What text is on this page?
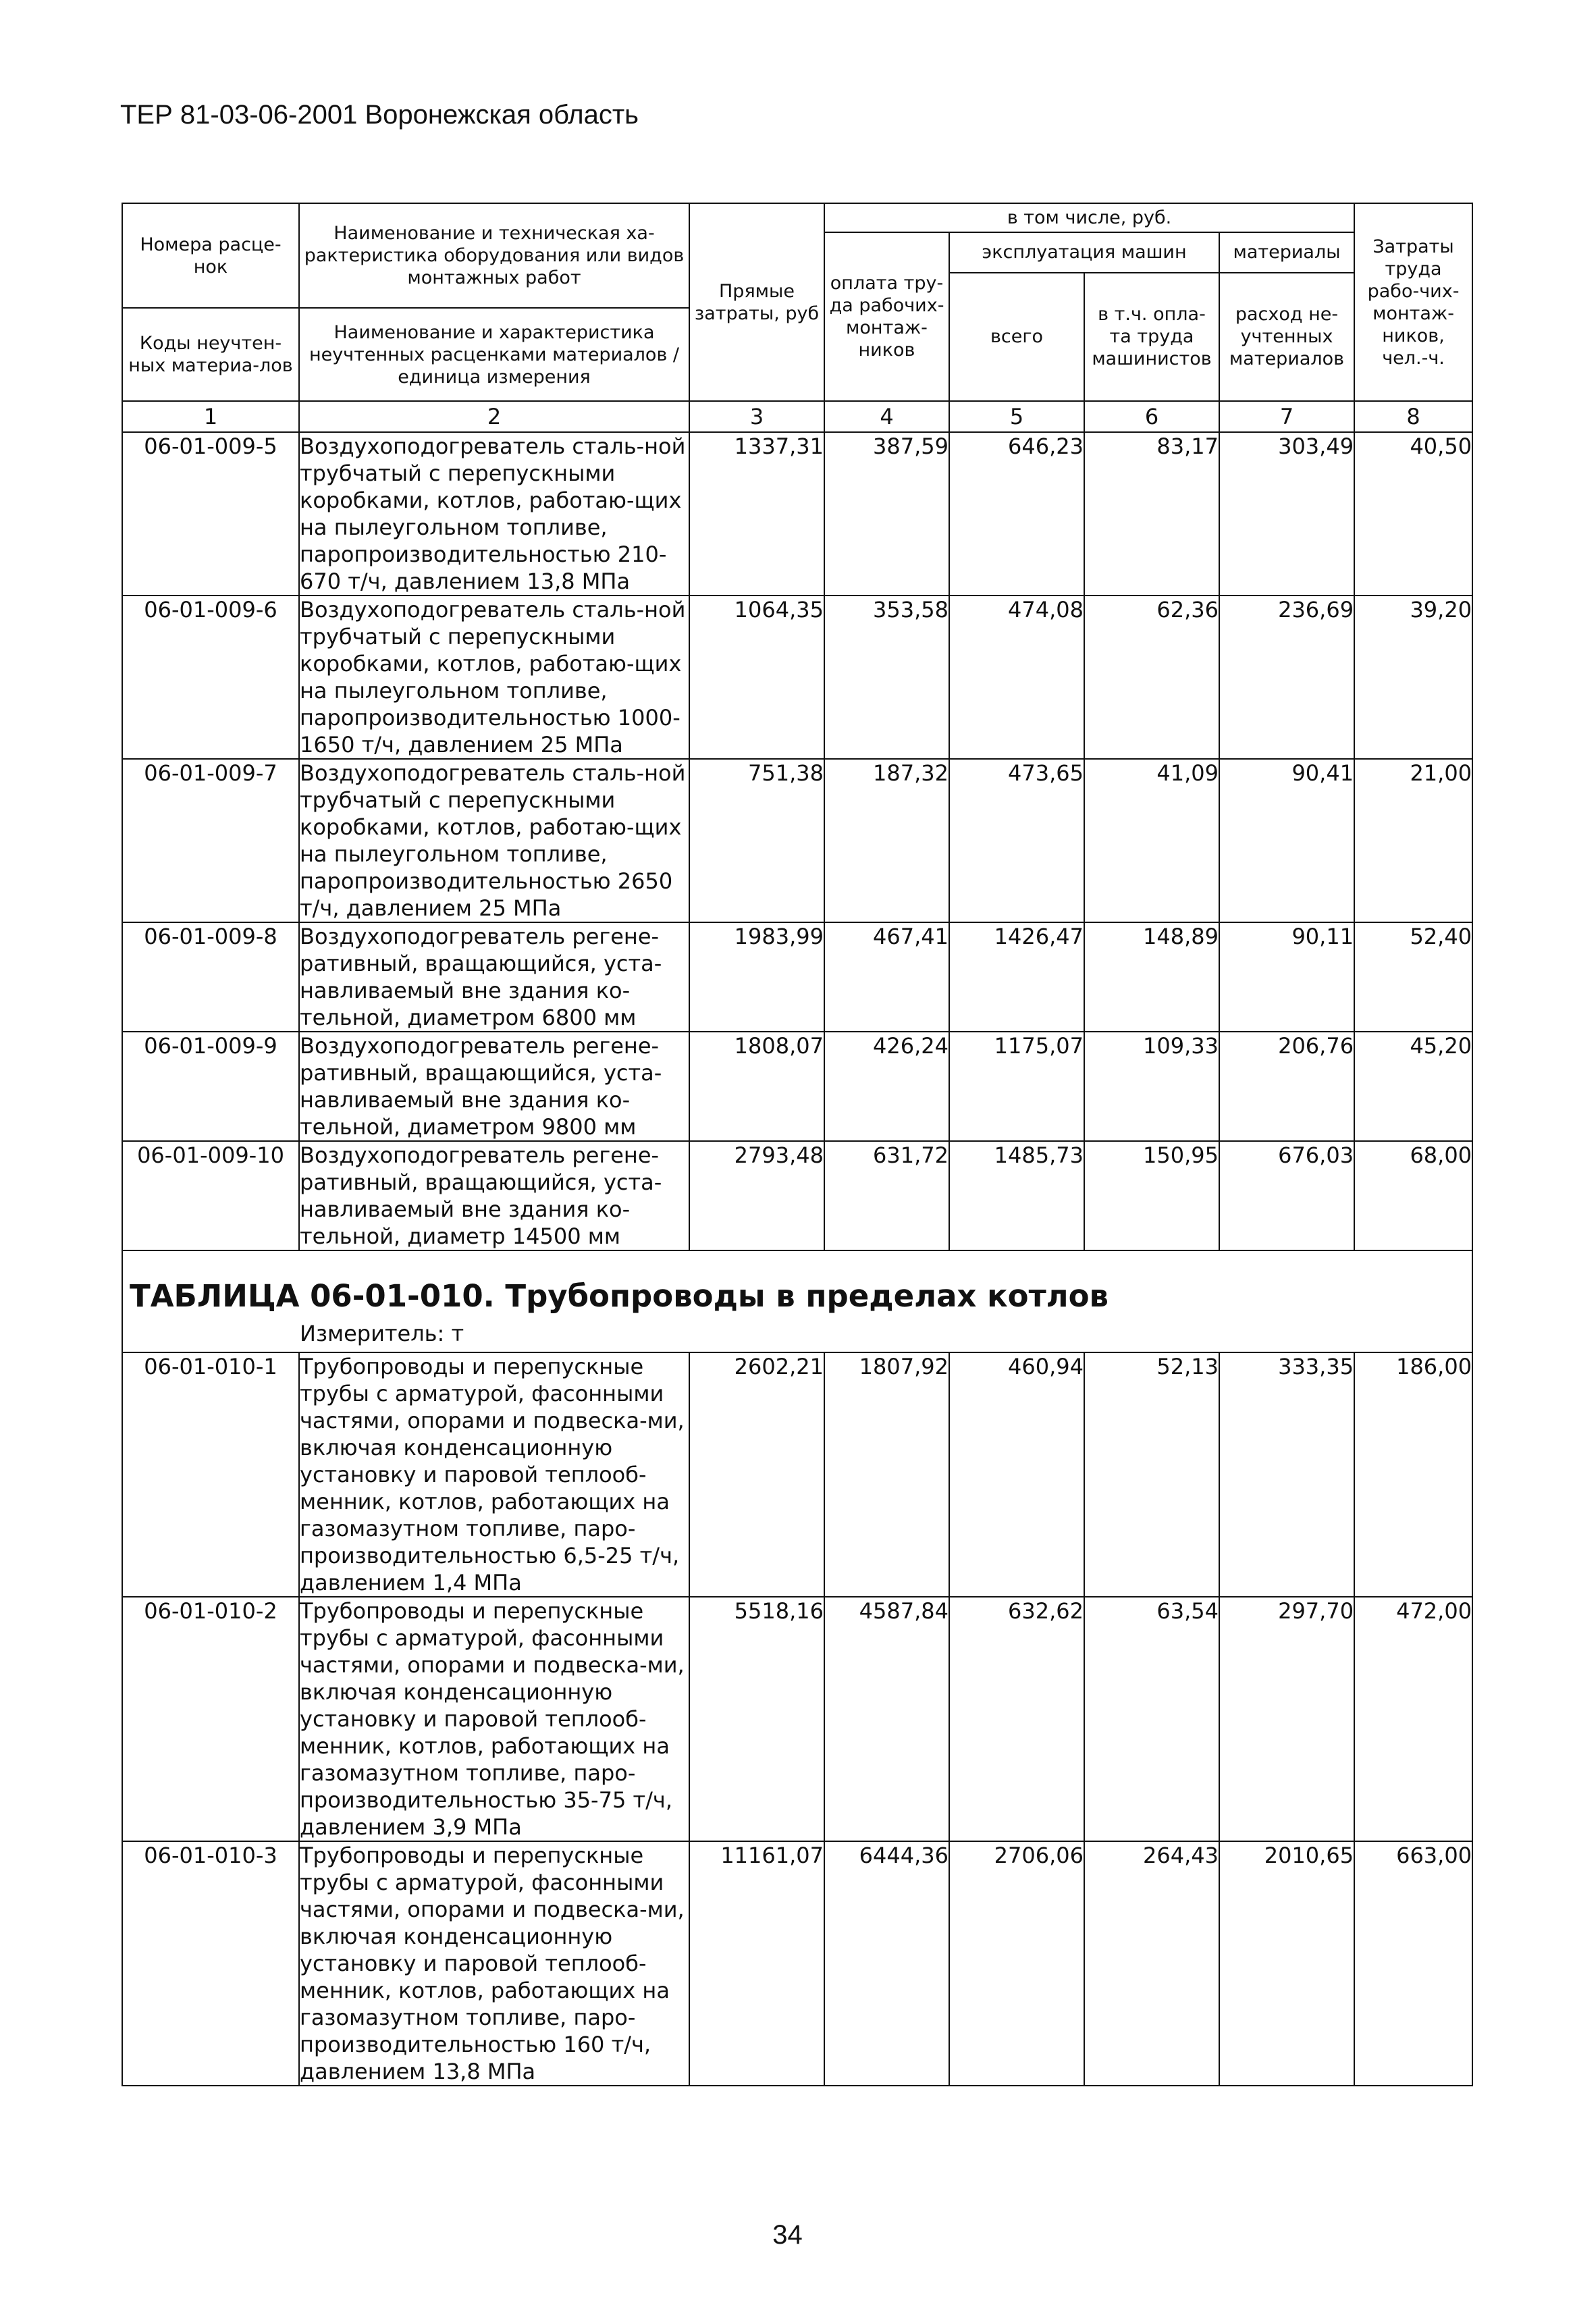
ТЕР 81-03-06-2001 Воронежская область
Номера расце-нок	Наименование и техническая ха-рактеристика оборудования или видов монтажных работ	Прямые затраты, руб	в том числе, руб.				Затраты труда рабо-чих-монтаж-ников, чел.-ч.
			оплата тру-да рабочих-монтаж-ников	эксплуатация машин		материалы	
				всего	в т.ч. опла-та труда машинистов	расход не-учтенных материалов	
Коды неучтен-ных материа-лов	Наименование и характеристика неучтенных расценками материалов / единица измерения						

1	2	3	4	5	6	7	8
06-01-009-5	Воздухоподогреватель сталь-ной трубчатый с перепускными коробками, котлов, работаю-щих на пылеугольном топливе, паропроизводительностью 210-670 т/ч, давлением 13,8 МПа	1337,31	387,59	646,23	83,17	303,49	40,50
06-01-009-6	Воздухоподогреватель сталь-ной трубчатый с перепускными коробками, котлов, работаю-щих на пылеугольном топливе, паропроизводительностью 1000-1650 т/ч, давлением 25 МПа	1064,35	353,58	474,08	62,36	236,69	39,20
06-01-009-7	Воздухоподогреватель сталь-ной трубчатый с перепускными коробками, котлов, работаю-щих на пылеугольном топливе, паропроизводительностью 2650 т/ч, давлением 25 МПа	751,38	187,32	473,65	41,09	90,41	21,00
06-01-009-8	Воздухоподогреватель регене-ративный, вращающийся, уста-навливаемый вне здания ко-тельной, диаметром 6800 мм	1983,99	467,41	1426,47	148,89	90,11	52,40
06-01-009-9	Воздухоподогреватель регене-ративный, вращающийся, уста-навливаемый вне здания ко-тельной, диаметром 9800 мм	1808,07	426,24	1175,07	109,33	206,76	45,20
06-01-009-10	Воздухоподогреватель регене-ративный, вращающийся, уста-навливаемый вне здания ко-тельной, диаметр 14500 мм	2793,48	631,72	1485,73	150,95	676,03	68,00

ТАБЛИЦА 06-01-010. Трубопроводы в пределах котлов
Измеритель: т							

06-01-010-1	Трубопроводы и перепускные трубы с арматурой, фасонными частями, опорами и подвеска-ми, включая конденсационную установку и паровой теплооб-менник, котлов, работающих на газомазутном топливе, паро-производительностью 6,5-25 т/ч, давлением 1,4 МПа	2602,21	1807,92	460,94	52,13	333,35	186,00
06-01-010-2	Трубопроводы и перепускные трубы с арматурой, фасонными частями, опорами и подвеска-ми, включая конденсационную установку и паровой теплооб-менник, котлов, работающих на газомазутном топливе, паро-производительностью 35-75 т/ч, давлением 3,9 МПа	5518,16	4587,84	632,62	63,54	297,70	472,00
06-01-010-3	Трубопроводы и перепускные трубы с арматурой, фасонными частями, опорами и подвеска-ми, включая конденсационную установку и паровой теплооб-менник, котлов, работающих на газомазутном топливе, паро-производительностью 160 т/ч, давлением 13,8 МПа	11161,07	6444,36	2706,06	264,43	2010,65	663,00
34
